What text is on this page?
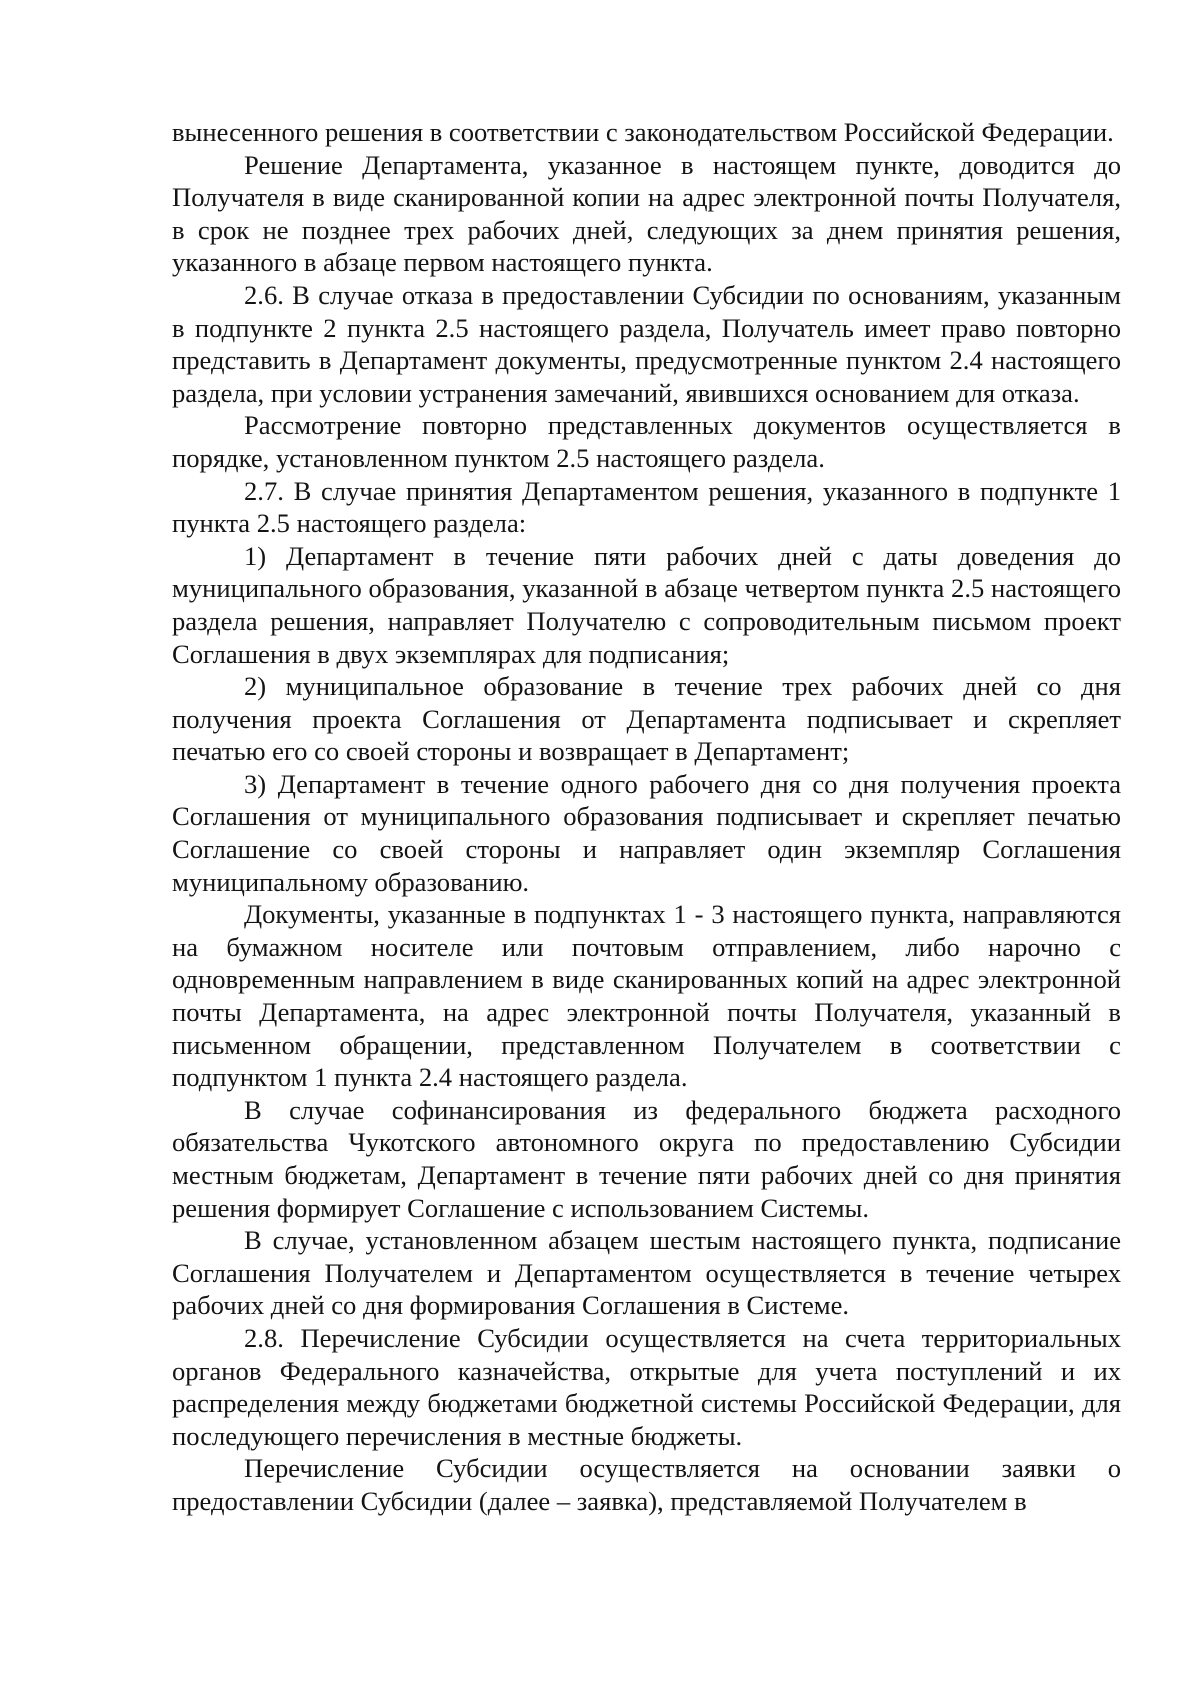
вынесенного решения в соответствии с законодательством Российской Федерации.

Решение Департамента, указанное в настоящем пункте, доводится до Получателя в виде сканированной копии на адрес электронной почты Получателя, в срок не позднее трех рабочих дней, следующих за днем принятия решения, указанного в абзаце первом настоящего пункта.

2.6. В случае отказа в предоставлении Субсидии по основаниям, указанным в подпункте 2 пункта 2.5 настоящего раздела, Получатель имеет право повторно представить в Департамент документы, предусмотренные пунктом 2.4 настоящего раздела, при условии устранения замечаний, явившихся основанием для отказа.

Рассмотрение повторно представленных документов осуществляется в порядке, установленном пунктом 2.5 настоящего раздела.

2.7. В случае принятия Департаментом решения, указанного в подпункте 1 пункта 2.5 настоящего раздела:

1) Департамент в течение пяти рабочих дней с даты доведения до муниципального образования, указанной в абзаце четвертом пункта 2.5 настоящего раздела решения, направляет Получателю с сопроводительным письмом проект Соглашения в двух экземплярах для подписания;

2) муниципальное образование в течение трех рабочих дней со дня получения проекта Соглашения от Департамента подписывает и скрепляет печатью его со своей стороны и возвращает в Департамент;

3) Департамент в течение одного рабочего дня со дня получения проекта Соглашения от муниципального образования подписывает и скрепляет печатью Соглашение со своей стороны и направляет один экземпляр Соглашения муниципальному образованию.

Документы, указанные в подпунктах 1 - 3 настоящего пункта, направляются на бумажном носителе или почтовым отправлением, либо нарочно с одновременным направлением в виде сканированных копий на адрес электронной почты Департамента, на адрес электронной почты Получателя, указанный в письменном обращении, представленном Получателем в соответствии с подпунктом 1 пункта 2.4 настоящего раздела.

В случае софинансирования из федерального бюджета расходного обязательства Чукотского автономного округа по предоставлению Субсидии местным бюджетам, Департамент в течение пяти рабочих дней со дня принятия решения формирует Соглашение с использованием Системы.

В случае, установленном абзацем шестым настоящего пункта, подписание Соглашения Получателем и Департаментом осуществляется в течение четырех рабочих дней со дня формирования Соглашения в Системе.

2.8. Перечисление Субсидии осуществляется на счета территориальных органов Федерального казначейства, открытые для учета поступлений и их распределения между бюджетами бюджетной системы Российской Федерации, для последующего перечисления в местные бюджеты.

Перечисление Субсидии осуществляется на основании заявки о предоставлении Субсидии (далее – заявка), представляемой Получателем в
